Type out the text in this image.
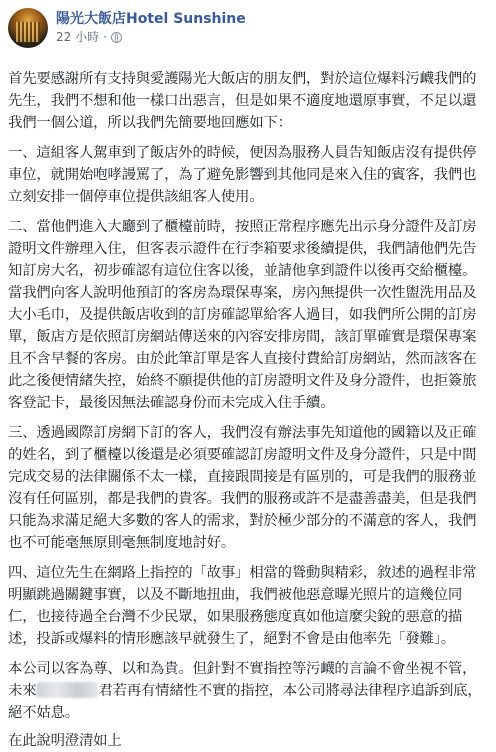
陽光大飯店Hotel Sunshine
22 小時 ·

首先要感謝所有支持與愛護陽光大飯店的朋友們，對於這位爆料污衊我們的先生，我們不想和他一樣口出惡言，但是如果不適度地還原事實，不足以還我們一個公道，所以我們先簡要地回應如下：

一、這組客人駕車到了飯店外的時候，便因為服務人員告知飯店沒有提供停車位，就開始咆哮謾罵了，為了避免影響到其他同是來入住的賓客，我們也立刻安排一個停車位提供該組客人使用。

二、當他們進入大廳到了櫃檯前時，按照正常程序應先出示身分證件及訂房證明文件辦理入住，但客表示證件在行李箱要求後續提供，我們請他們先告知訂房大名，初步確認有這位住客以後，並請他拿到證件以後再交給櫃檯。當我們向客人說明他預訂的客房為環保專案，房內無提供一次性盥洗用品及大小毛巾，及提供飯店收到的訂房確認單給客人過目，如我們所公開的訂房單，飯店方是依照訂房網站傳送來的內容安排房間，該訂單確實是環保專案且不含早餐的客房。由於此筆訂單是客人直接付費給訂房網站，然而該客在此之後便情緒失控，始終不願提供他的訂房證明文件及身分證件，也拒簽旅客登記卡，最後因無法確認身份而未完成入住手續。

三、透過國際訂房網下訂的客人，我們沒有辦法事先知道他的國籍以及正確的姓名，到了櫃檯以後還是必須要確認訂房證明文件及身分證件，只是中間完成交易的法律關係不太一樣，直接跟間接是有區別的，可是我們的服務並沒有任何區別，都是我們的貴客。我們的服務或許不是盡善盡美，但是我們只能為求滿足絕大多數的客人的需求，對於極少部分的不滿意的客人，我們也不可能毫無原則毫無制度地討好。

四、這位先生在網路上指控的「故事」相當的聳動與精彩，敘述的過程非常明顯跳過關鍵事實，以及不斷地扭曲，我們被他惡意曝光照片的這幾位同仁，也接待過全台灣不少民眾，如果服務態度真如他這麼尖銳的惡意的描述，投訴或爆料的情形應該早就發生了，絕對不會是由他率先「發難」。

本公司以客為尊、以和為貴。但針對不實指控等污衊的言論不會坐視不管，未來	君若再有情緒性不實的指控，本公司將尋法律程序追訴到底，絕不姑息。

在此說明澄清如上
